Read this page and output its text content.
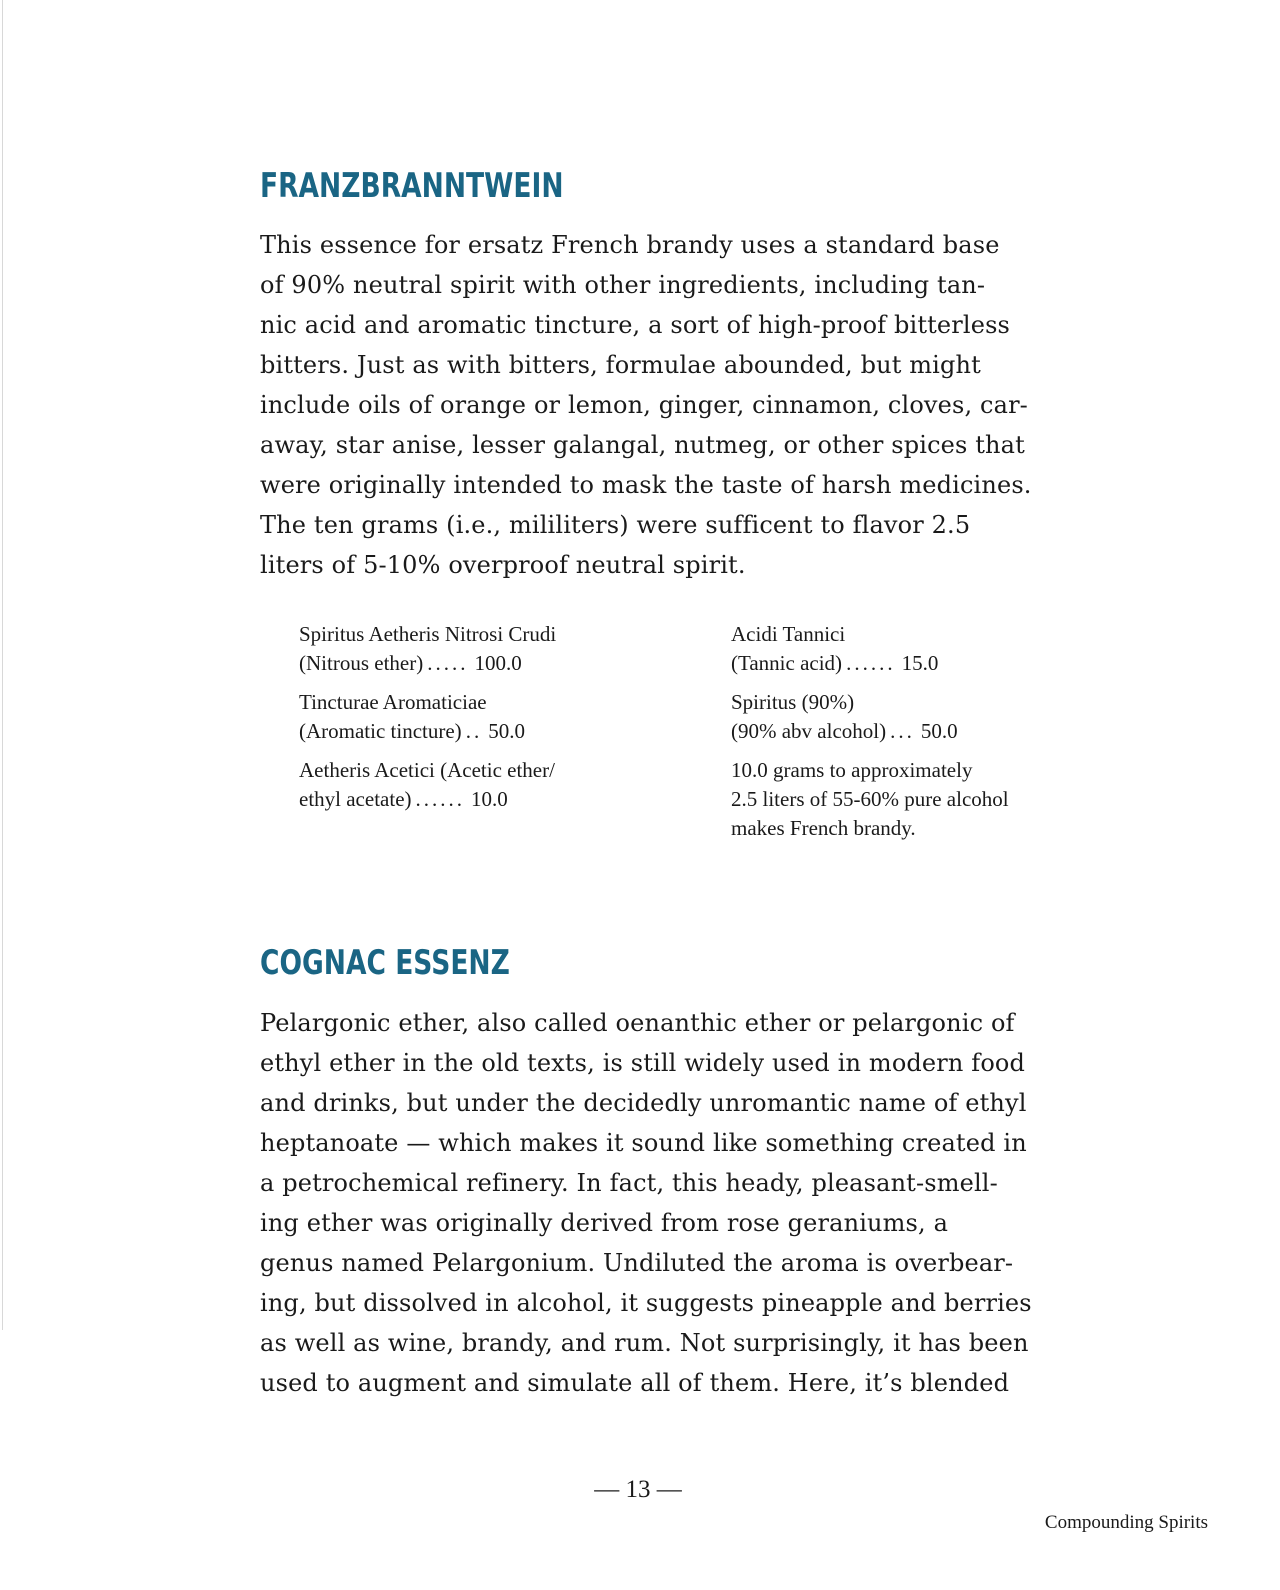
FRANZBRANNTWEIN

This essence for ersatz French brandy uses a standard base
of 90% neutral spirit with other ingredients, including tan-
nic acid and aromatic tincture, a sort of high-proof bitterless
bitters. Just as with bitters, formulae abounded, but might
include oils of orange or lemon, ginger, cinnamon, cloves, car-
away, star anise, lesser galangal, nutmeg, or other spices that
were originally intended to mask the taste of harsh medicines.
The ten grams (i.e., mililiters) were sufficent to flavor 2.5
liters of 5-10% overproof neutral spirit.

Spiritus Aetheris Nitrosi Crudi
(Nitrous ether) ..... 100.0
Tincturae Aromaticiae
(Aromatic tincture) .. 50.0
Aetheris Acetici (Acetic ether/
ethyl acetate) ...... 10.0
Acidi Tannici
(Tannic acid) ...... 15.0
Spiritus (90%)
(90% abv alcohol) ... 50.0
10.0 grams to approximately
2.5 liters of 55-60% pure alcohol
makes French brandy.
COGNAC ESSENZ

Pelargonic ether, also called oenanthic ether or pelargonic of
ethyl ether in the old texts, is still widely used in modern food
and drinks, but under the decidedly unromantic name of ethyl
heptanoate — which makes it sound like something created in
a petrochemical refinery. In fact, this heady, pleasant-smell-
ing ether was originally derived from rose geraniums, a
genus named Pelargonium. Undiluted the aroma is overbear-
ing, but dissolved in alcohol, it suggests pineapple and berries
as well as wine, brandy, and rum. Not surprisingly, it has been
used to augment and simulate all of them. Here, it’s blended

— 13 —
Compounding Spirits
